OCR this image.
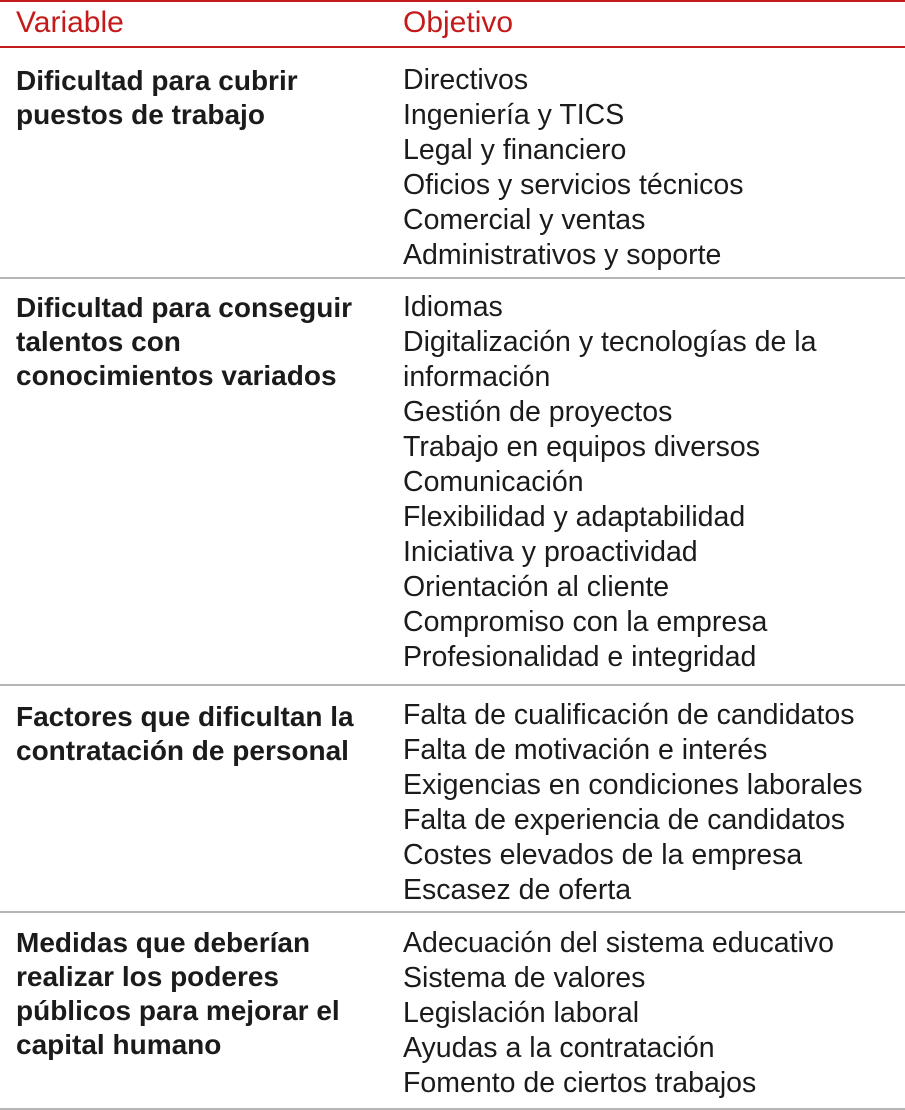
Variable	Objetivo
Dificultad para cubrir puestos de trabajo
Directivos
Ingeniería y TICS
Legal y financiero
Oficios y servicios técnicos
Comercial y ventas
Administrativos y soporte
Dificultad para conseguir talentos con conocimientos variados
Idiomas
Digitalización y tecnologías de la información
Gestión de proyectos
Trabajo en equipos diversos
Comunicación
Flexibilidad y adaptabilidad
Iniciativa y proactividad
Orientación al cliente
Compromiso con la empresa
Profesionalidad e integridad
Factores que dificultan la contratación de personal
Falta de cualificación de candidatos
Falta de motivación e interés
Exigencias en condiciones laborales
Falta de experiencia de candidatos
Costes elevados de la empresa
Escasez de oferta
Medidas que deberían realizar los poderes públicos para mejorar el capital humano
Adecuación del sistema educativo
Sistema de valores
Legislación laboral
Ayudas a la contratación
Fomento de ciertos trabajos
